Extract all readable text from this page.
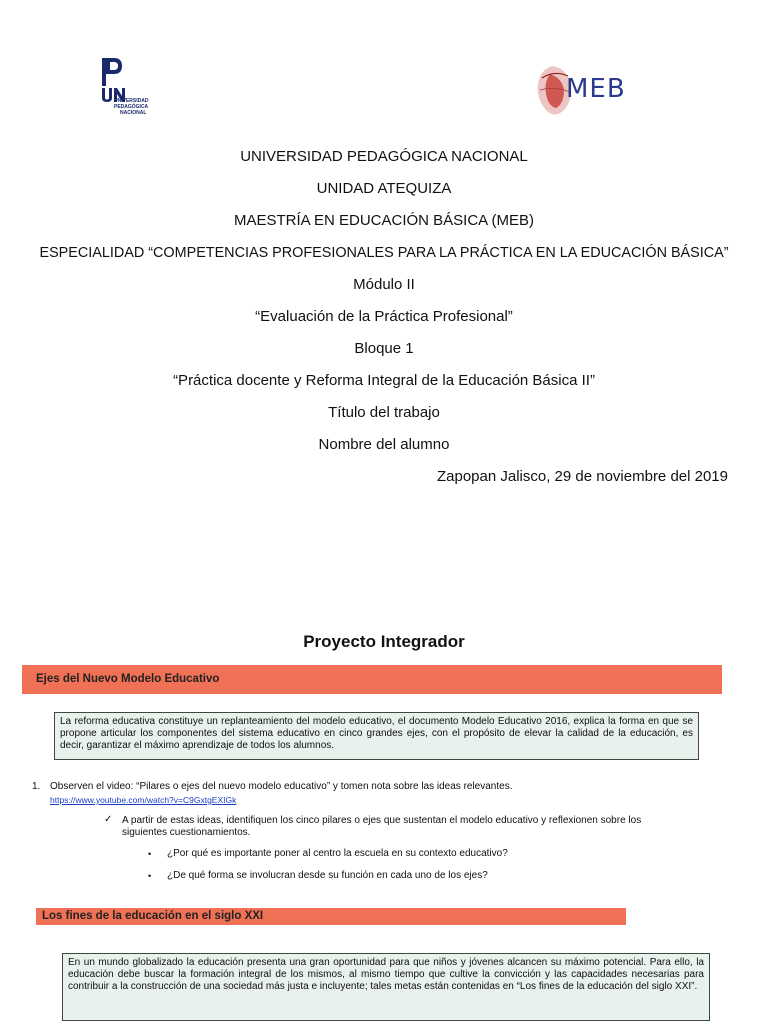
UNIVERSIDAD
PEDAGÓGICA
NACIONAL
MEB
UNIVERSIDAD PEDAGÓGICA NACIONAL
UNIDAD ATEQUIZA
MAESTRÍA EN EDUCACIÓN BÁSICA (MEB)
ESPECIALIDAD “COMPETENCIAS PROFESIONALES PARA LA PRÁCTICA EN LA EDUCACIÓN BÁSICA”
Módulo II
“Evaluación de la Práctica Profesional”
Bloque 1
“Práctica docente y Reforma Integral de la Educación Básica II”
Título del trabajo
Nombre del alumno
Zapopan Jalisco, 29 de noviembre del 2019
Proyecto Integrador
Ejes del Nuevo Modelo Educativo
La reforma educativa constituye un replanteamiento del modelo educativo, el documento Modelo Educativo 2016, explica la forma en que se propone articular los componentes del sistema educativo en cinco grandes ejes, con el propósito de elevar la calidad de la educación, es decir, garantizar el máximo aprendizaje de todos los alumnos.
1. Observen el video: “Pilares o ejes del nuevo modelo educativo” y tomen nota sobre las ideas relevantes.
https://www.youtube.com/watch?v=C9GxtgEXIGk
✓ A partir de estas ideas, identifiquen los cinco pilares o ejes que sustentan el modelo educativo y reflexionen sobre los siguientes cuestionamientos.
• ¿Por qué es importante poner al centro la escuela en su contexto educativo?
• ¿De qué forma se involucran desde su función en cada uno de los ejes?
Los fines de la educación en el siglo XXI
En un mundo globalizado la educación presenta una gran oportunidad para que niños y jóvenes alcancen su máximo potencial. Para ello, la educación debe buscar la formación integral de los mismos, al mismo tiempo que cultive la convicción y las capacidades necesarias para contribuir a la construcción de una sociedad más justa e incluyente; tales metas están contenidas en “Los fines de la educación del siglo XXI”.
